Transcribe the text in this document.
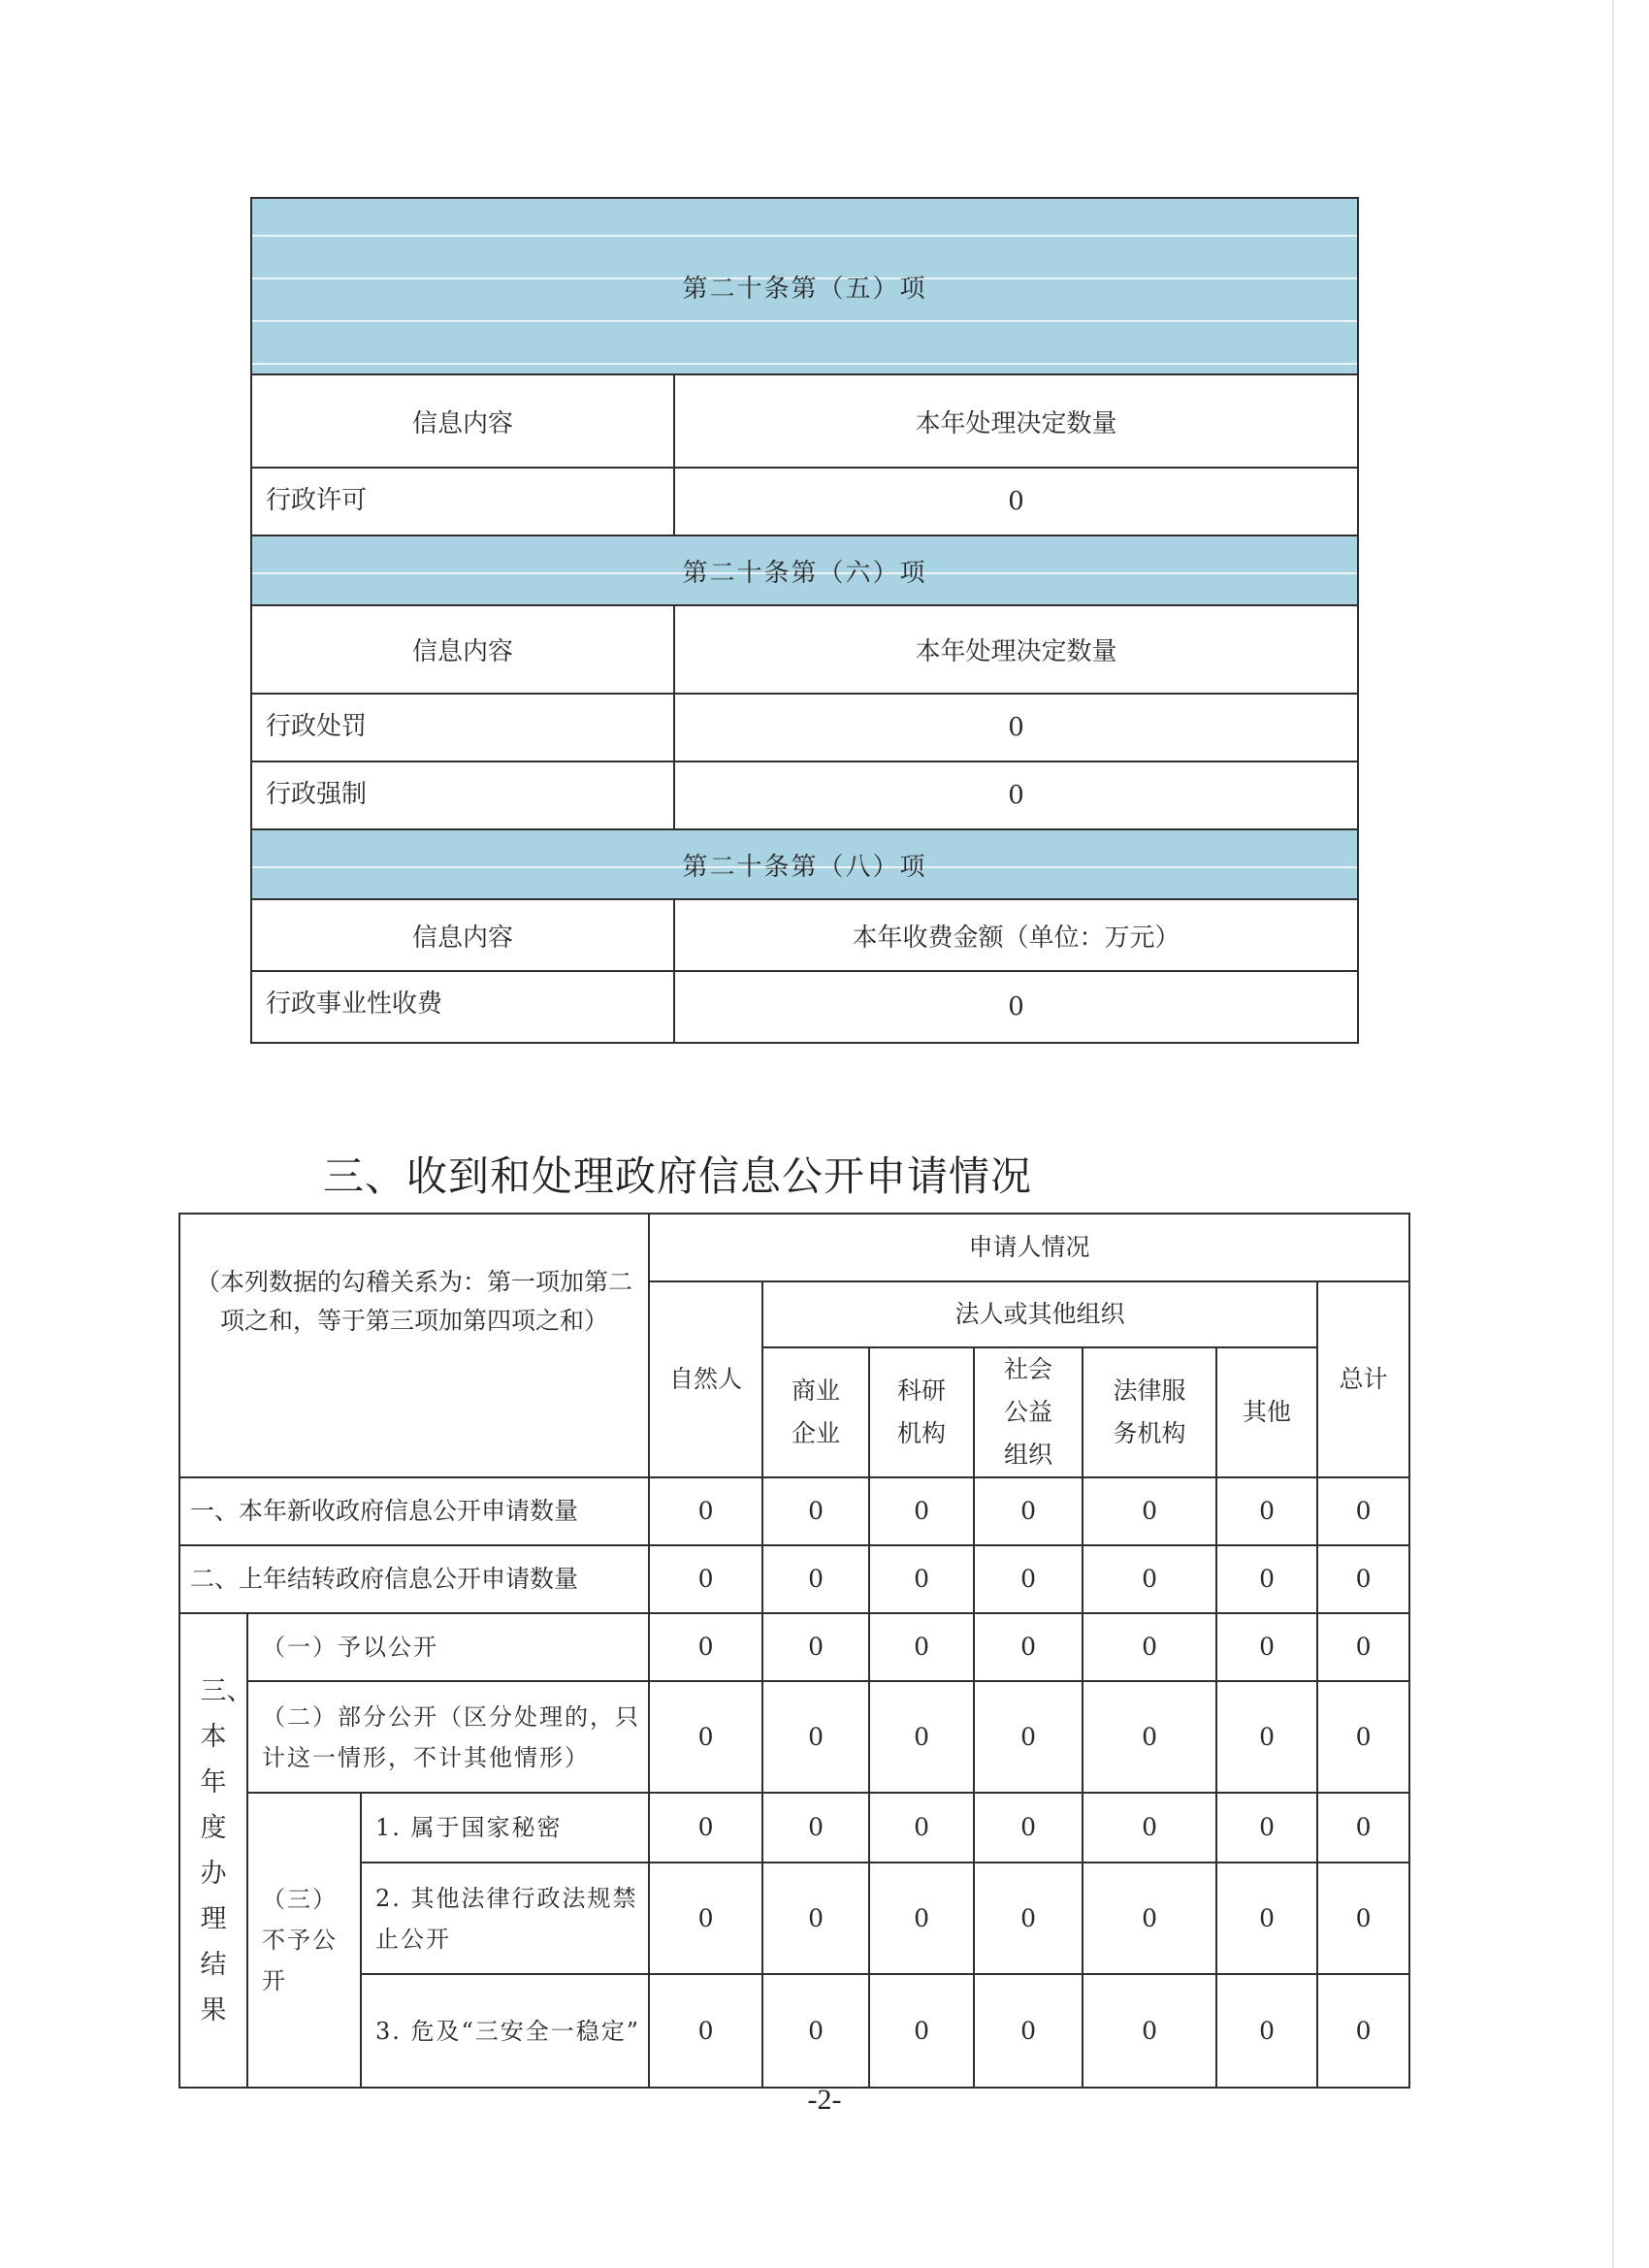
第二十条第（五）项	
信息内容	本年处理决定数量
行政许可	0
第二十条第（六）项	
信息内容	本年处理决定数量
行政处罚	0
行政强制	0
第二十条第（八）项	
信息内容	本年收费金额（单位：万元）
行政事业性收费	0
三、收到和处理政府信息公开申请情况
（本列数据的勾稽关系为：第一项加第二项之和，等于第三项加第四项之和）			申请人情况						
			自然人	法人或其他组织					总计
				商业企业	科研机构	社会公益组织	法律服务机构	其他	
一、本年新收政府信息公开申请数量			0	0	0	0	0	0	0
二、上年结转政府信息公开申请数量			0	0	0	0	0	0	0

三、本年度办理结果	（一）予以公开		0	0	0	0	0	0	0
	（二）部分公开（区分处理的，只计这一情形，不计其他情形）		0	0	0	0	0	0	0
	（三）不予公开	1. 属于国家秘密	0	0	0	0	0	0	0
		2. 其他法律行政法规禁止公开	0	0	0	0	0	0	0
		3. 危及“三安全一稳定”	0	0	0	0	0	0	0
-2-
